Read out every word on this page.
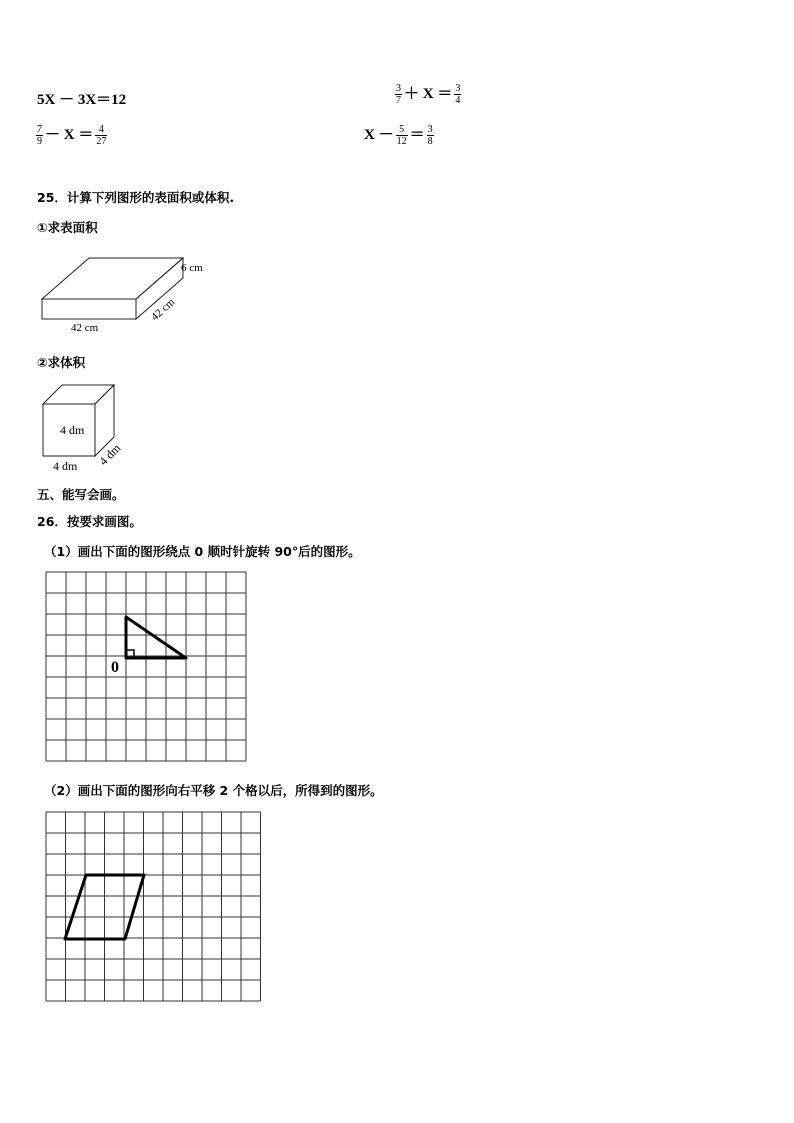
5X － 3X＝12	$\frac{3}{7} + X = \frac{3}{4}$
$\frac{7}{9} - X = \frac{4}{27}$	$X - \frac{5}{12} = \frac{3}{8}$
25．计算下列图形的表面积或体积.
①求表面积
6 cm
42 cm
42 cm
②求体积
4 dm
4 dm 4 dm
五、能写会画。
26．按要求画图。
（1）画出下面的图形绕点 0 顺时针旋转 90°后的图形。
0
（2）画出下面的图形向右平移 2 个格以后，所得到的图形。
